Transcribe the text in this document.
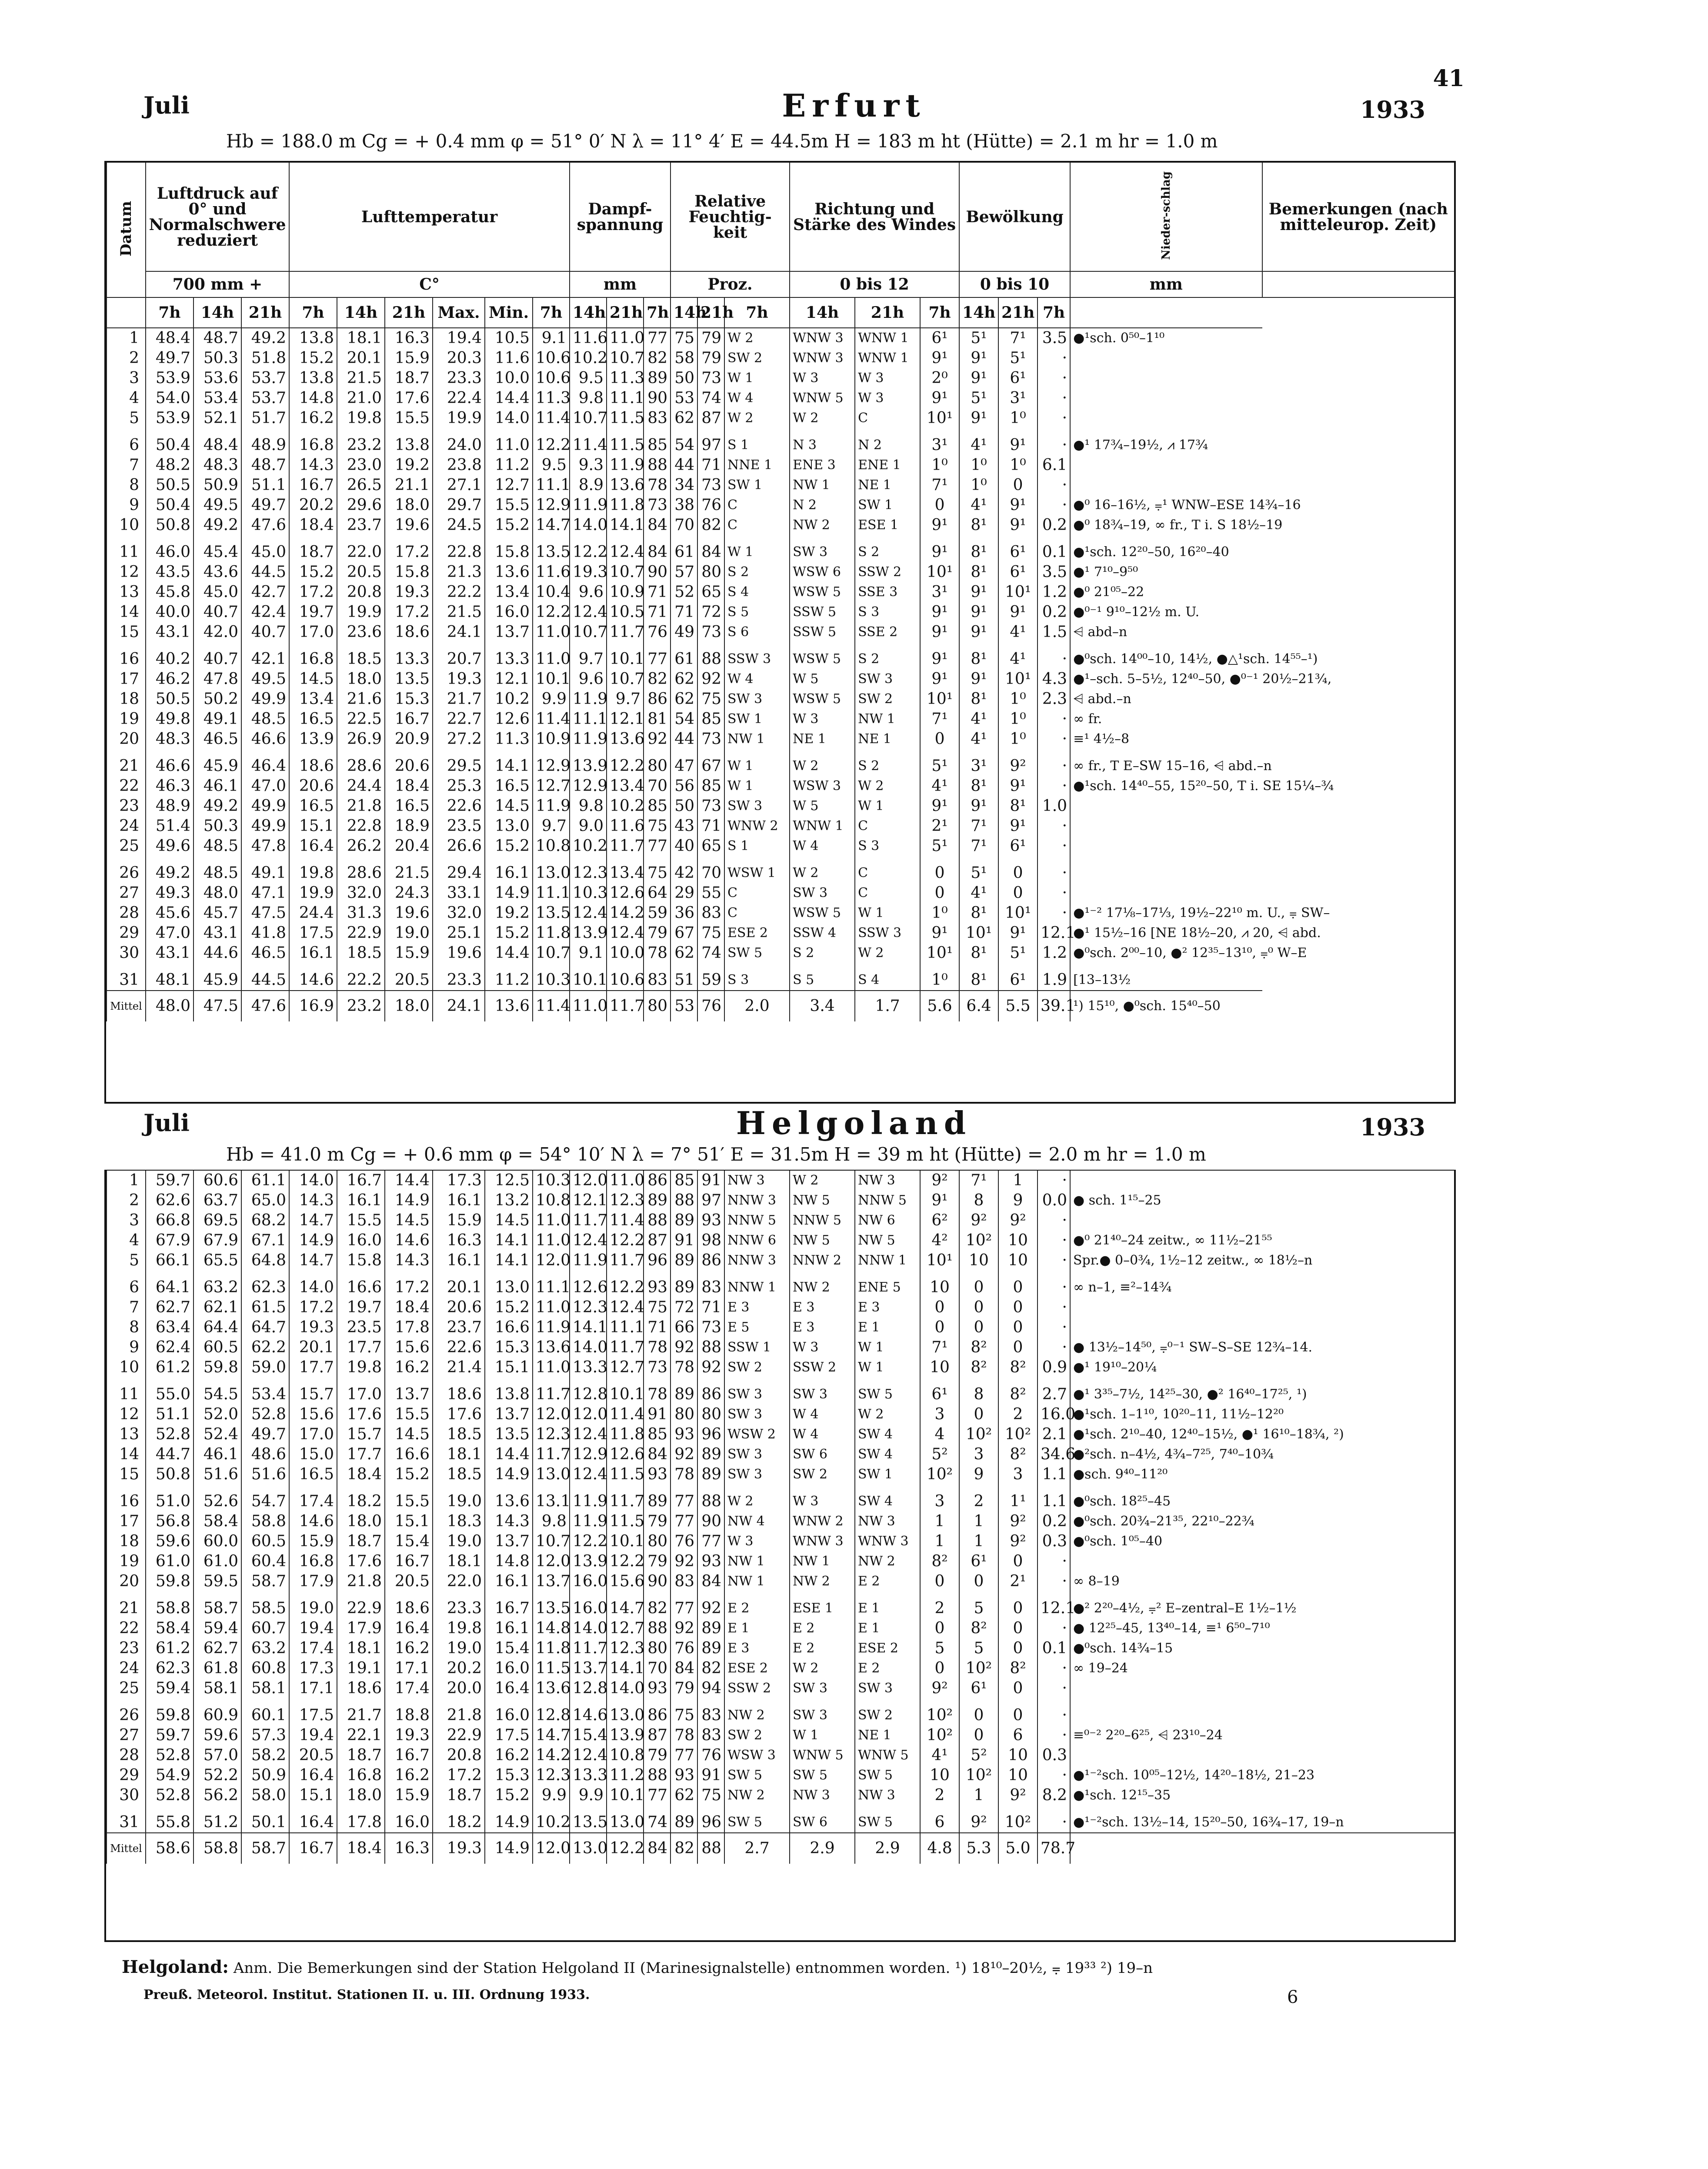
41
Juli	1933
Erfurt
Hb = 188.0 m Cg = + 0.4 mm φ = 51° 0′ N λ = 11° 4′ E = 44.5m H = 183 m ht (Hütte) = 2.1 m hr = 1.0 m
Datum	Luftdruck auf 0° und Normalschwere reduziert			Lufttemperatur						Dampf-spannung			Relative Feuchtig-keit			Richtung und Stärke des Windes			Bewölkung			Nieder-schlag	Bemerkungen (nach mitteleurop. Zeit)
	700 mm +			C°						mm			Proz.			0 bis 12			0 bis 10			mm	
	7h	14h	21h	7h	14h	21h	Max.	Min.	7h	14h	21h	7h	14h	21h	7h	14h	21h	7h	14h	21h	7h		
1	48.4	48.7	49.2	13.8	18.1	16.3	19.4	10.5	9.1	11.6	11.0	77	75	79	W 2	WNW 3	WNW 1	6¹	5¹	7¹	3.5	●¹sch. 0⁵⁰–1¹⁰	
2	49.7	50.3	51.8	15.2	20.1	15.9	20.3	11.6	10.6	10.2	10.7	82	58	79	SW 2	WNW 3	WNW 1	9¹	9¹	5¹	·		
3	53.9	53.6	53.7	13.8	21.5	18.7	23.3	10.0	10.6	9.5	11.3	89	50	73	W 1	W 3	W 3	2⁰	9¹	6¹	·		
4	54.0	53.4	53.7	14.8	21.0	17.6	22.4	14.4	11.3	9.8	11.1	90	53	74	W 4	WNW 5	W 3	9¹	5¹	3¹	·		
5	53.9	52.1	51.7	16.2	19.8	15.5	19.9	14.0	11.4	10.7	11.5	83	62	87	W 2	W 2	C	10¹	9¹	1⁰	·		
6	50.4	48.4	48.9	16.8	23.2	13.8	24.0	11.0	12.2	11.4	11.5	85	54	97	S 1	N 3	N 2	3¹	4¹	9¹	·	●¹ 17¾–19½, ⩘ 17¾	
7	48.2	48.3	48.7	14.3	23.0	19.2	23.8	11.2	9.5	9.3	11.9	88	44	71	NNE 1	ENE 3	ENE 1	1⁰	1⁰	1⁰	6.1		
8	50.5	50.9	51.1	16.7	26.5	21.1	27.1	12.7	11.1	8.9	13.6	78	34	73	SW 1	NW 1	NE 1	7¹	1⁰	0	·		
9	50.4	49.5	49.7	20.2	29.6	18.0	29.7	15.5	12.9	11.9	11.8	73	38	76	C	N 2	SW 1	0	4¹	9¹	·	●⁰ 16–16½, ⩦¹ WNW–ESE 14¾–16	
10	50.8	49.2	47.6	18.4	23.7	19.6	24.5	15.2	14.7	14.0	14.1	84	70	82	C	NW 2	ESE 1	9¹	8¹	9¹	0.2	●⁰ 18¾–19, ∞ fr., T i. S 18½–19	
11	46.0	45.4	45.0	18.7	22.0	17.2	22.8	15.8	13.5	12.2	12.4	84	61	84	W 1	SW 3	S 2	9¹	8¹	6¹	0.1	●¹sch. 12²⁰–50, 16²⁰–40	
12	43.5	43.6	44.5	15.2	20.5	15.8	21.3	13.6	11.6	19.3	10.7	90	57	80	S 2	WSW 6	SSW 2	10¹	8¹	6¹	3.5	●¹ 7¹⁰–9⁵⁰	
13	45.8	45.0	42.7	17.2	20.8	19.3	22.2	13.4	10.4	9.6	10.9	71	52	65	S 4	WSW 5	SSE 3	3¹	9¹	10¹	1.2	●⁰ 21⁰⁵–22	
14	40.0	40.7	42.4	19.7	19.9	17.2	21.5	16.0	12.2	12.4	10.5	71	71	72	S 5	SSW 5	S 3	9¹	9¹	9¹	0.2	●⁰⁻¹ 9¹⁰–12½ m. U.	
15	43.1	42.0	40.7	17.0	23.6	18.6	24.1	13.7	11.0	10.7	11.7	76	49	73	S 6	SSW 5	SSE 2	9¹	9¹	4¹	1.5	⩤ abd–n	
16	40.2	40.7	42.1	16.8	18.5	13.3	20.7	13.3	11.0	9.7	10.1	77	61	88	SSW 3	WSW 5	S 2	9¹	8¹	4¹	·	●⁰sch. 14⁰⁰–10, 14½, ●△¹sch. 14⁵⁵–¹)	
17	46.2	47.8	49.5	14.5	18.0	13.5	19.3	12.1	10.1	9.6	10.7	82	62	92	W 4	W 5	SW 3	9¹	9¹	10¹	4.3	●¹–sch. 5–5½, 12⁴⁰–50, ●⁰⁻¹ 20½–21¾,	
18	50.5	50.2	49.9	13.4	21.6	15.3	21.7	10.2	9.9	11.9	9.7	86	62	75	SW 3	WSW 5	SW 2	10¹	8¹	1⁰	2.3	⩤ abd.–n	
19	49.8	49.1	48.5	16.5	22.5	16.7	22.7	12.6	11.4	11.1	12.1	81	54	85	SW 1	W 3	NW 1	7¹	4¹	1⁰	·	∞ fr.	
20	48.3	46.5	46.6	13.9	26.9	20.9	27.2	11.3	10.9	11.9	13.6	92	44	73	NW 1	NE 1	NE 1	0	4¹	1⁰	·	≡¹ 4½–8	
21	46.6	45.9	46.4	18.6	28.6	20.6	29.5	14.1	12.9	13.9	12.2	80	47	67	W 1	W 2	S 2	5¹	3¹	9²	·	∞ fr., T E–SW 15–16, ⩤ abd.–n	
22	46.3	46.1	47.0	20.6	24.4	18.4	25.3	16.5	12.7	12.9	13.4	70	56	85	W 1	WSW 3	W 2	4¹	8¹	9¹	·	●¹sch. 14⁴⁰–55, 15²⁰–50, T i. SE 15¼–¾	
23	48.9	49.2	49.9	16.5	21.8	16.5	22.6	14.5	11.9	9.8	10.2	85	50	73	SW 3	W 5	W 1	9¹	9¹	8¹	1.0		
24	51.4	50.3	49.9	15.1	22.8	18.9	23.5	13.0	9.7	9.0	11.6	75	43	71	WNW 2	WNW 1	C	2¹	7¹	9¹	·		
25	49.6	48.5	47.8	16.4	26.2	20.4	26.6	15.2	10.8	10.2	11.7	77	40	65	S 1	W 4	S 3	5¹	7¹	6¹	·		
26	49.2	48.5	49.1	19.8	28.6	21.5	29.4	16.1	13.0	12.3	13.4	75	42	70	WSW 1	W 2	C	0	5¹	0	·		
27	49.3	48.0	47.1	19.9	32.0	24.3	33.1	14.9	11.1	10.3	12.6	64	29	55	C	SW 3	C	0	4¹	0	·		
28	45.6	45.7	47.5	24.4	31.3	19.6	32.0	19.2	13.5	12.4	14.2	59	36	83	C	WSW 5	W 1	1⁰	8¹	10¹	·	●¹⁻² 17⅛–17⅓, 19½–22¹⁰ m. U., ⩦ SW–	
29	47.0	43.1	41.8	17.5	22.9	19.0	25.1	15.2	11.8	13.9	12.4	79	67	75	ESE 2	SSW 4	SSW 3	9¹	10¹	9¹	12.1	●¹ 15½–16 [NE 18½–20, ⩘ 20, ⩤ abd.	
30	43.1	44.6	46.5	16.1	18.5	15.9	19.6	14.4	10.7	9.1	10.0	78	62	74	SW 5	S 2	W 2	10¹	8¹	5¹	1.2	●⁰sch. 2⁰⁰–10, ●² 12³⁵–13¹⁰, ⩦⁰ W–E	
31	48.1	45.9	44.5	14.6	22.2	20.5	23.3	11.2	10.3	10.1	10.6	83	51	59	S 3	S 5	S 4	1⁰	8¹	6¹	1.9	[13–13½	
Mittel	48.0	47.5	47.6	16.9	23.2	18.0	24.1	13.6	11.4	11.0	11.7	80	53	76	2.0	3.4	1.7	5.6	6.4	5.5	39.1	¹) 15¹⁰, ●⁰sch. 15⁴⁰–50	
Juli	1933
Helgoland
Hb = 41.0 m Cg = + 0.6 mm φ = 54° 10′ N λ = 7° 51′ E = 31.5m H = 39 m ht (Hütte) = 2.0 m hr = 1.0 m
1	59.7	60.6	61.1	14.0	16.7	14.4	17.3	12.5	10.3	12.0	11.0	86	85	91	NW 3	W 2	NW 3	9²	7¹	1	·	
2	62.6	63.7	65.0	14.3	16.1	14.9	16.1	13.2	10.8	12.1	12.3	89	88	97	NNW 3	NW 5	NNW 5	9¹	8	9	0.0	● sch. 1¹⁵–25
3	66.8	69.5	68.2	14.7	15.5	14.5	15.9	14.5	11.0	11.7	11.4	88	89	93	NNW 5	NNW 5	NW 6	6²	9²	9²	·	
4	67.9	67.9	67.1	14.9	16.0	14.6	16.3	14.1	11.0	12.4	12.2	87	91	98	NNW 6	NW 5	NW 5	4²	10²	10	·	●⁰ 21⁴⁰–24 zeitw., ∞ 11½–21⁵⁵
5	66.1	65.5	64.8	14.7	15.8	14.3	16.1	14.1	12.0	11.9	11.7	96	89	86	NNW 3	NNW 2	NNW 1	10¹	10	10	·	Spr.● 0–0¾, 1½–12 zeitw., ∞ 18½–n
6	64.1	63.2	62.3	14.0	16.6	17.2	20.1	13.0	11.1	12.6	12.2	93	89	83	NNW 1	NW 2	ENE 5	10	0	0	·	∞ n–1, ≡²–14¾
7	62.7	62.1	61.5	17.2	19.7	18.4	20.6	15.2	11.0	12.3	12.4	75	72	71	E 3	E 3	E 3	0	0	0	·	
8	63.4	64.4	64.7	19.3	23.5	17.8	23.7	16.6	11.9	14.1	11.1	71	66	73	E 5	E 3	E 1	0	0	0	·	
9	62.4	60.5	62.2	20.1	17.7	15.6	22.6	15.3	13.6	14.0	11.7	78	92	88	SSW 1	W 3	W 1	7¹	8²	0	·	● 13½–14⁵⁰, ⩦⁰⁻¹ SW–S–SE 12¾–14.
10	61.2	59.8	59.0	17.7	19.8	16.2	21.4	15.1	11.0	13.3	12.7	73	78	92	SW 2	SSW 2	W 1	10	8²	8²	0.9	●¹ 19¹⁰–20¼
11	55.0	54.5	53.4	15.7	17.0	13.7	18.6	13.8	11.7	12.8	10.1	78	89	86	SW 3	SW 3	SW 5	6¹	8	8²	2.7	●¹ 3³⁵–7½, 14²⁵–30, ●² 16⁴⁰–17²⁵, ¹)
12	51.1	52.0	52.8	15.6	17.6	15.5	17.6	13.7	12.0	12.0	11.4	91	80	80	SW 3	W 4	W 2	3	0	2	16.0	●¹sch. 1–1¹⁰, 10²⁰–11, 11½–12²⁰
13	52.8	52.4	49.7	17.0	15.7	14.5	18.5	13.5	12.3	12.4	11.8	85	93	96	WSW 2	W 4	SW 4	4	10²	10²	2.1	●¹sch. 2¹⁰–40, 12⁴⁰–15½, ●¹ 16¹⁰–18¾, ²)
14	44.7	46.1	48.6	15.0	17.7	16.6	18.1	14.4	11.7	12.9	12.6	84	92	89	SW 3	SW 6	SW 4	5²	3	8²	34.6	●²sch. n–4½, 4¾–7²⁵, 7⁴⁰–10¾
15	50.8	51.6	51.6	16.5	18.4	15.2	18.5	14.9	13.0	12.4	11.5	93	78	89	SW 3	SW 2	SW 1	10²	9	3	1.1	●sch. 9⁴⁰–11²⁰
16	51.0	52.6	54.7	17.4	18.2	15.5	19.0	13.6	13.1	11.9	11.7	89	77	88	W 2	W 3	SW 4	3	2	1¹	1.1	●⁰sch. 18²⁵–45
17	56.8	58.4	58.8	14.6	18.0	15.1	18.3	14.3	9.8	11.9	11.5	79	77	90	NW 4	WNW 2	NW 3	1	1	9²	0.2	●⁰sch. 20¾–21³⁵, 22¹⁰–22¾
18	59.6	60.0	60.5	15.9	18.7	15.4	19.0	13.7	10.7	12.2	10.1	80	76	77	W 3	WNW 3	WNW 3	1	1	9²	0.3	●⁰sch. 1⁰⁵–40
19	61.0	61.0	60.4	16.8	17.6	16.7	18.1	14.8	12.0	13.9	12.2	79	92	93	NW 1	NW 1	NW 2	8²	6¹	0	·	
20	59.8	59.5	58.7	17.9	21.8	20.5	22.0	16.1	13.7	16.0	15.6	90	83	84	NW 1	NW 2	E 2	0	0	2¹	·	∞ 8–19
21	58.8	58.7	58.5	19.0	22.9	18.6	23.3	16.7	13.5	16.0	14.7	82	77	92	E 2	ESE 1	E 1	2	5	0	12.1	●² 2²⁰–4½, ⩦² E–zentral–E 1½–1½
22	58.4	59.4	60.7	19.4	17.9	16.4	19.8	16.1	14.8	14.0	12.7	88	92	89	E 1	E 2	E 1	0	8²	0	·	● 12²⁵–45, 13⁴⁰–14, ≡¹ 6⁵⁰–7¹⁰
23	61.2	62.7	63.2	17.4	18.1	16.2	19.0	15.4	11.8	11.7	12.3	80	76	89	E 3	E 2	ESE 2	5	5	0	0.1	●⁰sch. 14¾–15
24	62.3	61.8	60.8	17.3	19.1	17.1	20.2	16.0	11.5	13.7	14.1	70	84	82	ESE 2	W 2	E 2	0	10²	8²	·	∞ 19–24
25	59.4	58.1	58.1	17.1	18.6	17.4	20.0	16.4	13.6	12.8	14.0	93	79	94	SSW 2	SW 3	SW 3	9²	6¹	0	·	
26	59.8	60.9	60.1	17.5	21.7	18.8	21.8	16.0	12.8	14.6	13.0	86	75	83	NW 2	SW 3	SW 2	10²	0	0	·	
27	59.7	59.6	57.3	19.4	22.1	19.3	22.9	17.5	14.7	15.4	13.9	87	78	83	SW 2	W 1	NE 1	10²	0	6	·	≡⁰⁻² 2²⁰–6²⁵, ⩤ 23¹⁰–24
28	52.8	57.0	58.2	20.5	18.7	16.7	20.8	16.2	14.2	12.4	10.8	79	77	76	WSW 3	WNW 5	WNW 5	4¹	5²	10	0.3	
29	54.9	52.2	50.9	16.4	16.8	16.2	17.2	15.3	12.3	13.3	11.2	88	93	91	SW 5	SW 5	SW 5	10	10²	10	·	●¹⁻²sch. 10⁰⁵–12½, 14²⁰–18½, 21–23
30	52.8	56.2	58.0	15.1	18.0	15.9	18.7	15.2	9.9	9.9	10.1	77	62	75	NW 2	NW 3	NW 3	2	1	9²	8.2	●¹sch. 12¹⁵–35
31	55.8	51.2	50.1	16.4	17.8	16.0	18.2	14.9	10.2	13.5	13.0	74	89	96	SW 5	SW 6	SW 5	6	9²	10²	·	●¹⁻²sch. 13½–14, 15²⁰–50, 16¾–17, 19–n
Mittel	58.6	58.8	58.7	16.7	18.4	16.3	19.3	14.9	12.0	13.0	12.2	84	82	88	2.7	2.9	2.9	4.8	5.3	5.0	78.7	
Helgoland: Anm. Die Bemerkungen sind der Station Helgoland II (Marinesignalstelle) entnommen worden. ¹) 18¹⁰–20½, ⩦ 19³³ ²) 19–n
Preuß. Meteorol. Institut. Stationen II. u. III. Ordnung 1933.	6
